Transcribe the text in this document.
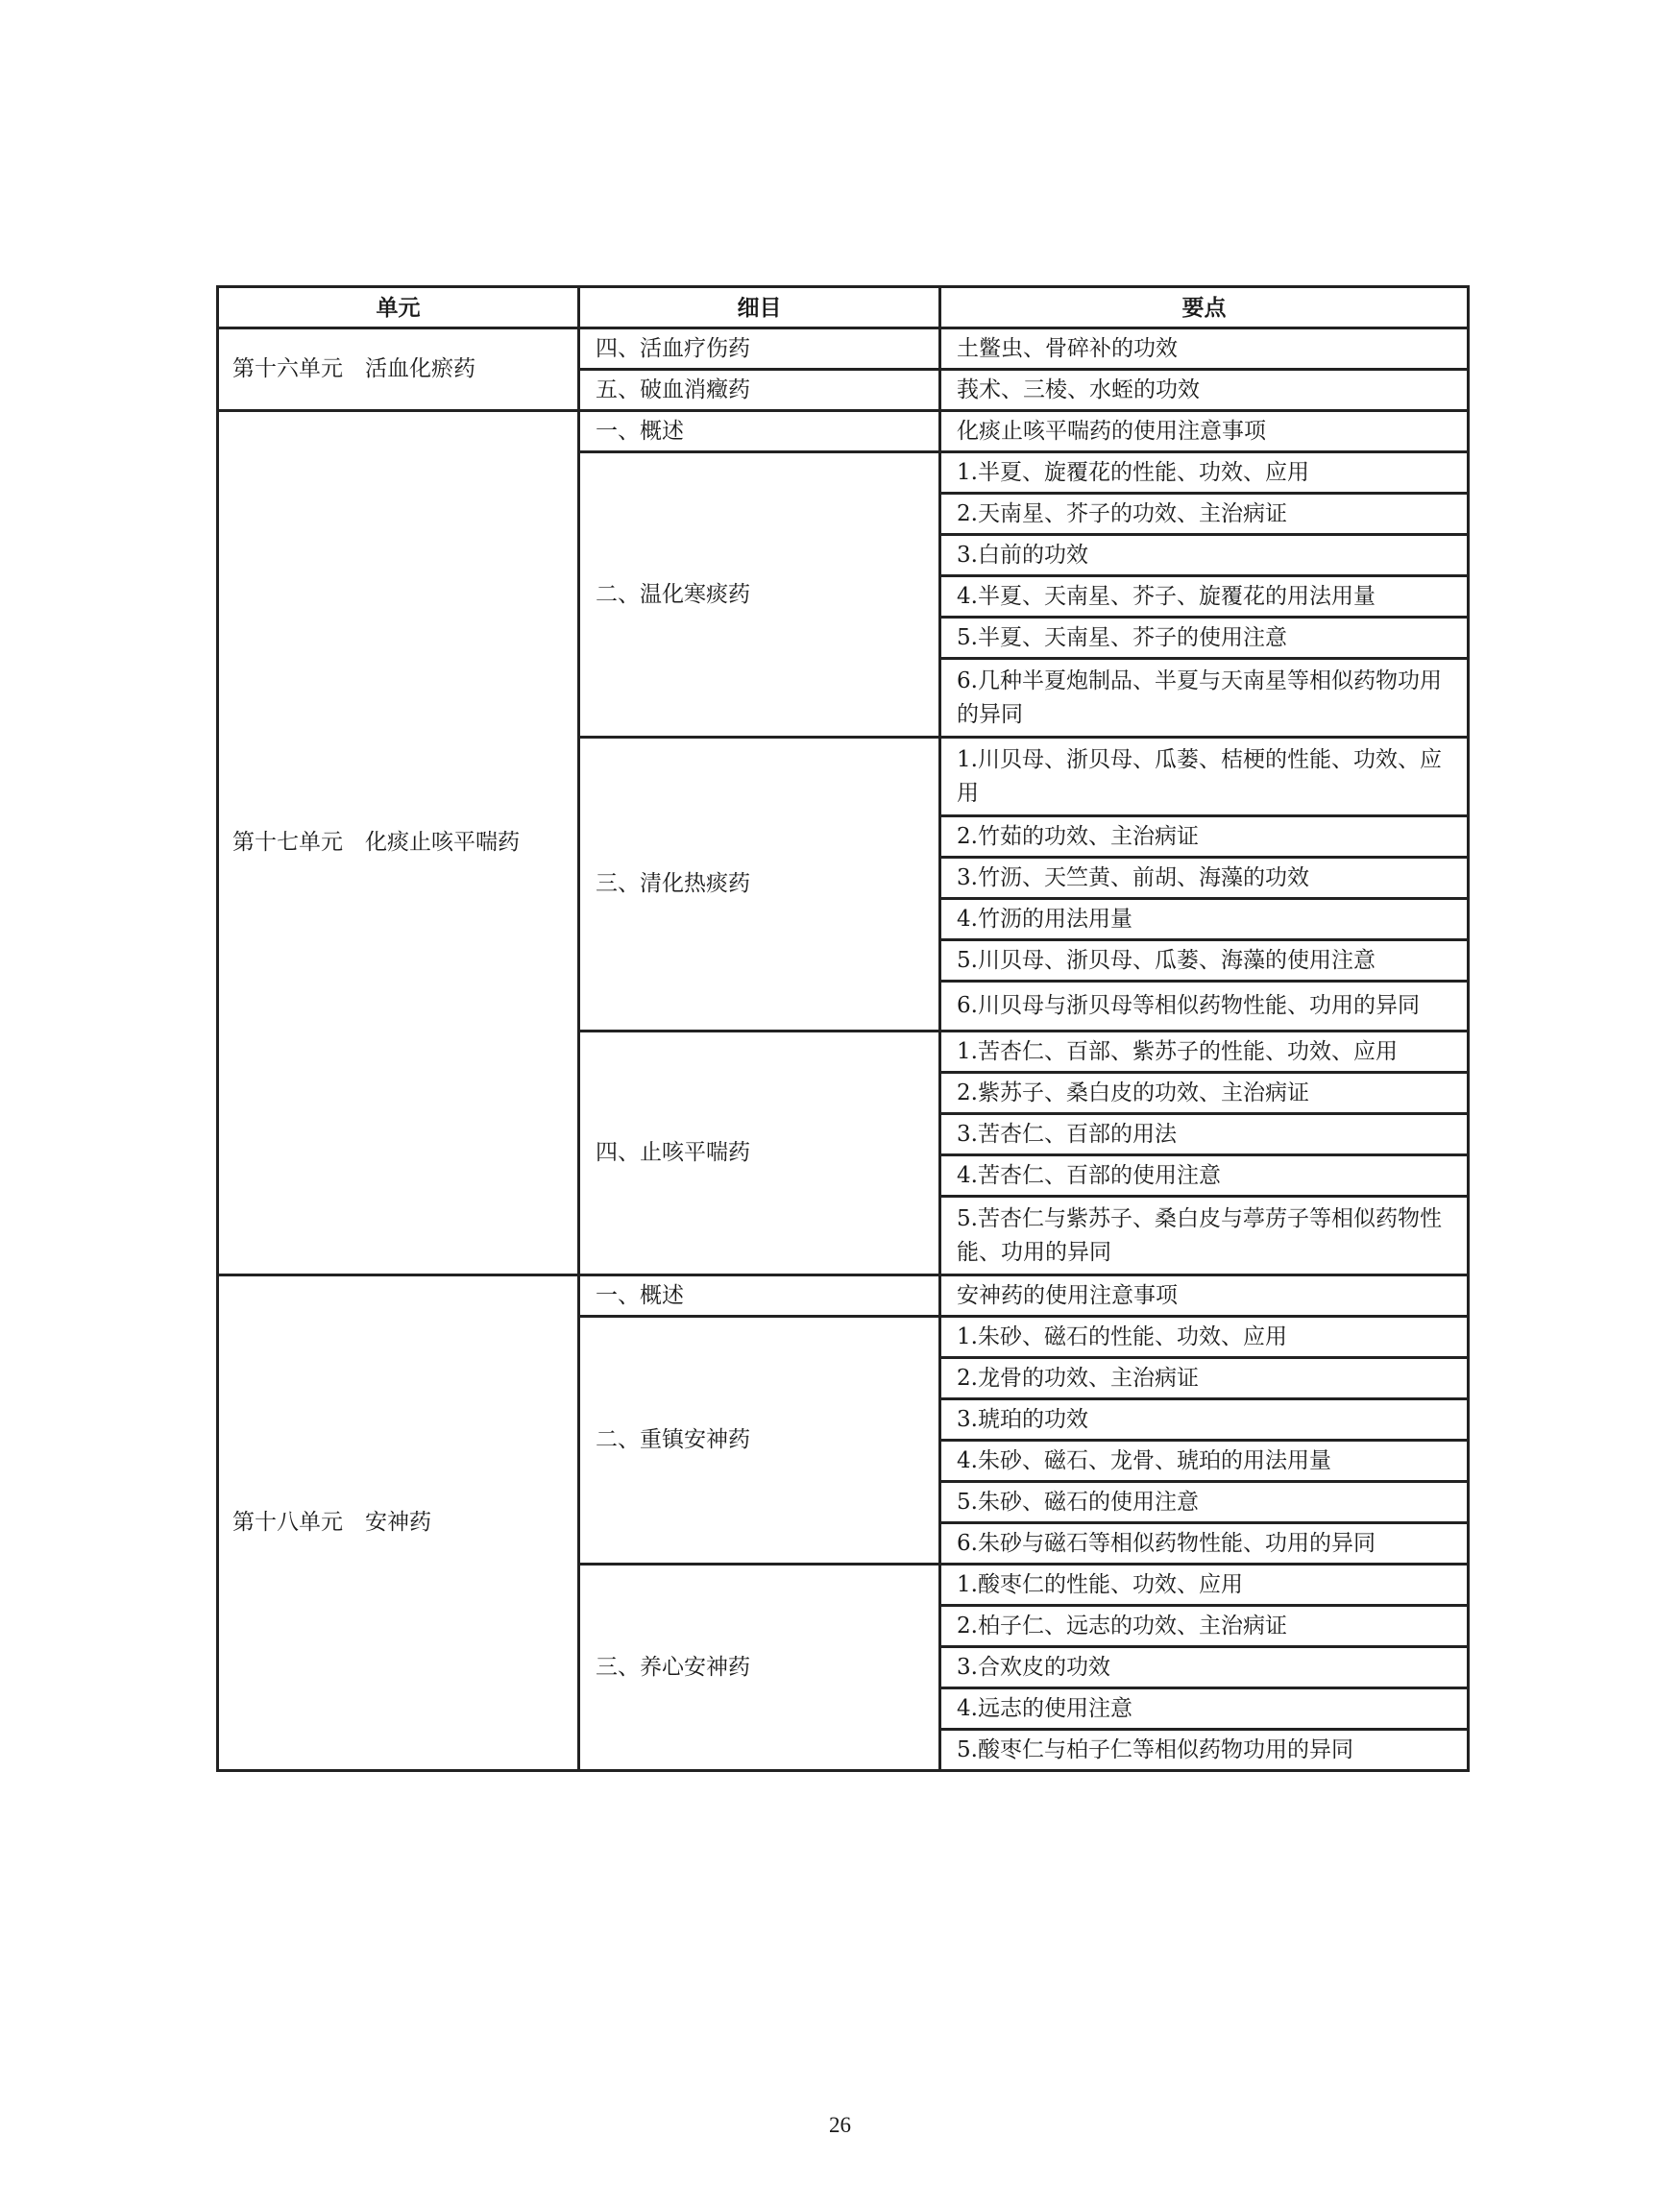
单元	细目	要点
第十六单元　活血化瘀药	四、活血疗伤药	土鳖虫、骨碎补的功效
	五、破血消癥药	莪术、三棱、水蛭的功效
第十七单元　化痰止咳平喘药	一、概述	化痰止咳平喘药的使用注意事项
	二、温化寒痰药	1.半夏、旋覆花的性能、功效、应用
		2.天南星、芥子的功效、主治病证
		3.白前的功效
		4.半夏、天南星、芥子、旋覆花的用法用量
		5.半夏、天南星、芥子的使用注意
		6.几种半夏炮制品、半夏与天南星等相似药物功用的异同
	三、清化热痰药	1.川贝母、浙贝母、瓜蒌、桔梗的性能、功效、应用
		2.竹茹的功效、主治病证
		3.竹沥、天竺黄、前胡、海藻的功效
		4.竹沥的用法用量
		5.川贝母、浙贝母、瓜蒌、海藻的使用注意
		6.川贝母与浙贝母等相似药物性能、功用的异同
	四、止咳平喘药	1.苦杏仁、百部、紫苏子的性能、功效、应用
		2.紫苏子、桑白皮的功效、主治病证
		3.苦杏仁、百部的用法
		4.苦杏仁、百部的使用注意
		5.苦杏仁与紫苏子、桑白皮与葶苈子等相似药物性能、功用的异同
第十八单元　安神药	一、概述	安神药的使用注意事项
	二、重镇安神药	1.朱砂、磁石的性能、功效、应用
		2.龙骨的功效、主治病证
		3.琥珀的功效
		4.朱砂、磁石、龙骨、琥珀的用法用量
		5.朱砂、磁石的使用注意
		6.朱砂与磁石等相似药物性能、功用的异同
	三、养心安神药	1.酸枣仁的性能、功效、应用
		2.柏子仁、远志的功效、主治病证
		3.合欢皮的功效
		4.远志的使用注意
		5.酸枣仁与柏子仁等相似药物功用的异同
26
